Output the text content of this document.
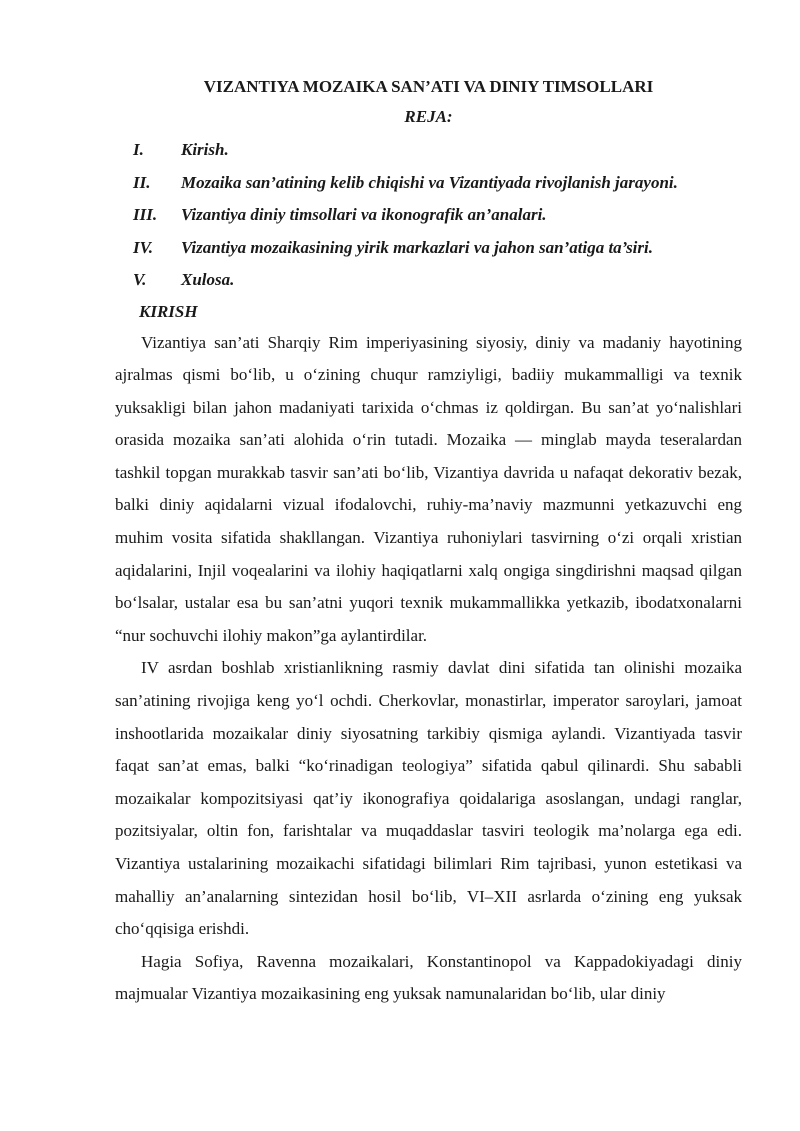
VIZANTIYA MOZAIKA SAN’ATI VA DINIY TIMSOLLARI
REJA:
I.	Kirish.
II.	Mozaika san’atining kelib chiqishi va Vizantiyada rivojlanish jarayoni.
III.	Vizantiya diniy timsollari va ikonografik an’analari.
IV.	Vizantiya mozaikasining yirik markazlari va jahon san’atiga ta’siri.
V.	Xulosa.
KIRISH

Vizantiya san’ati Sharqiy Rim imperiyasining siyosiy, diniy va madaniy hayotining ajralmas qismi bo‘lib, u o‘zining chuqur ramziyligi, badiiy mukammalligi va texnik yuksakligi bilan jahon madaniyati tarixida o‘chmas iz qoldirgan. Bu san’at yo‘nalishlari orasida mozaika san’ati alohida o‘rin tutadi. Mozaika — minglab mayda teseralardan tashkil topgan murakkab tasvir san’ati bo‘lib, Vizantiya davrida u nafaqat dekorativ bezak, balki diniy aqidalarni vizual ifodalovchi, ruhiy-ma’naviy mazmunni yetkazuvchi eng muhim vosita sifatida shakllangan. Vizantiya ruhoniylari tasvirning o‘zi orqali xristian aqidalarini, Injil voqealarini va ilohiy haqiqatlarni xalq ongiga singdirishni maqsad qilgan bo‘lsalar, ustalar esa bu san’atni yuqori texnik mukammallikka yetkazib, ibodatxonalarni “nur sochuvchi ilohiy makon”ga aylantirdilar.

IV asrdan boshlab xristianlikning rasmiy davlat dini sifatida tan olinishi mozaika san’atining rivojiga keng yo‘l ochdi. Cherkovlar, monastirlar, imperator saroylari, jamoat inshootlarida mozaikalar diniy siyosatning tarkibiy qismiga aylandi. Vizantiyada tasvir faqat san’at emas, balki “ko‘rinadigan teologiya” sifatida qabul qilinardi. Shu sababli mozaikalar kompozitsiyasi qat’iy ikonografiya qoidalariga asoslangan, undagi ranglar, pozitsiyalar, oltin fon, farishtalar va muqaddaslar tasviri teologik ma’nolarga ega edi. Vizantiya ustalarining mozaikachi sifatidagi bilimlari Rim tajribasi, yunon estetikasi va mahalliy an’analarning sintezidan hosil bo‘lib, VI–XII asrlarda o‘zining eng yuksak cho‘qqisiga erishdi.

Hagia Sofiya, Ravenna mozaikalari, Konstantinopol va Kappadokiyadagi diniy majmualar Vizantiya mozaikasining eng yuksak namunalaridan bo‘lib, ular diniy
